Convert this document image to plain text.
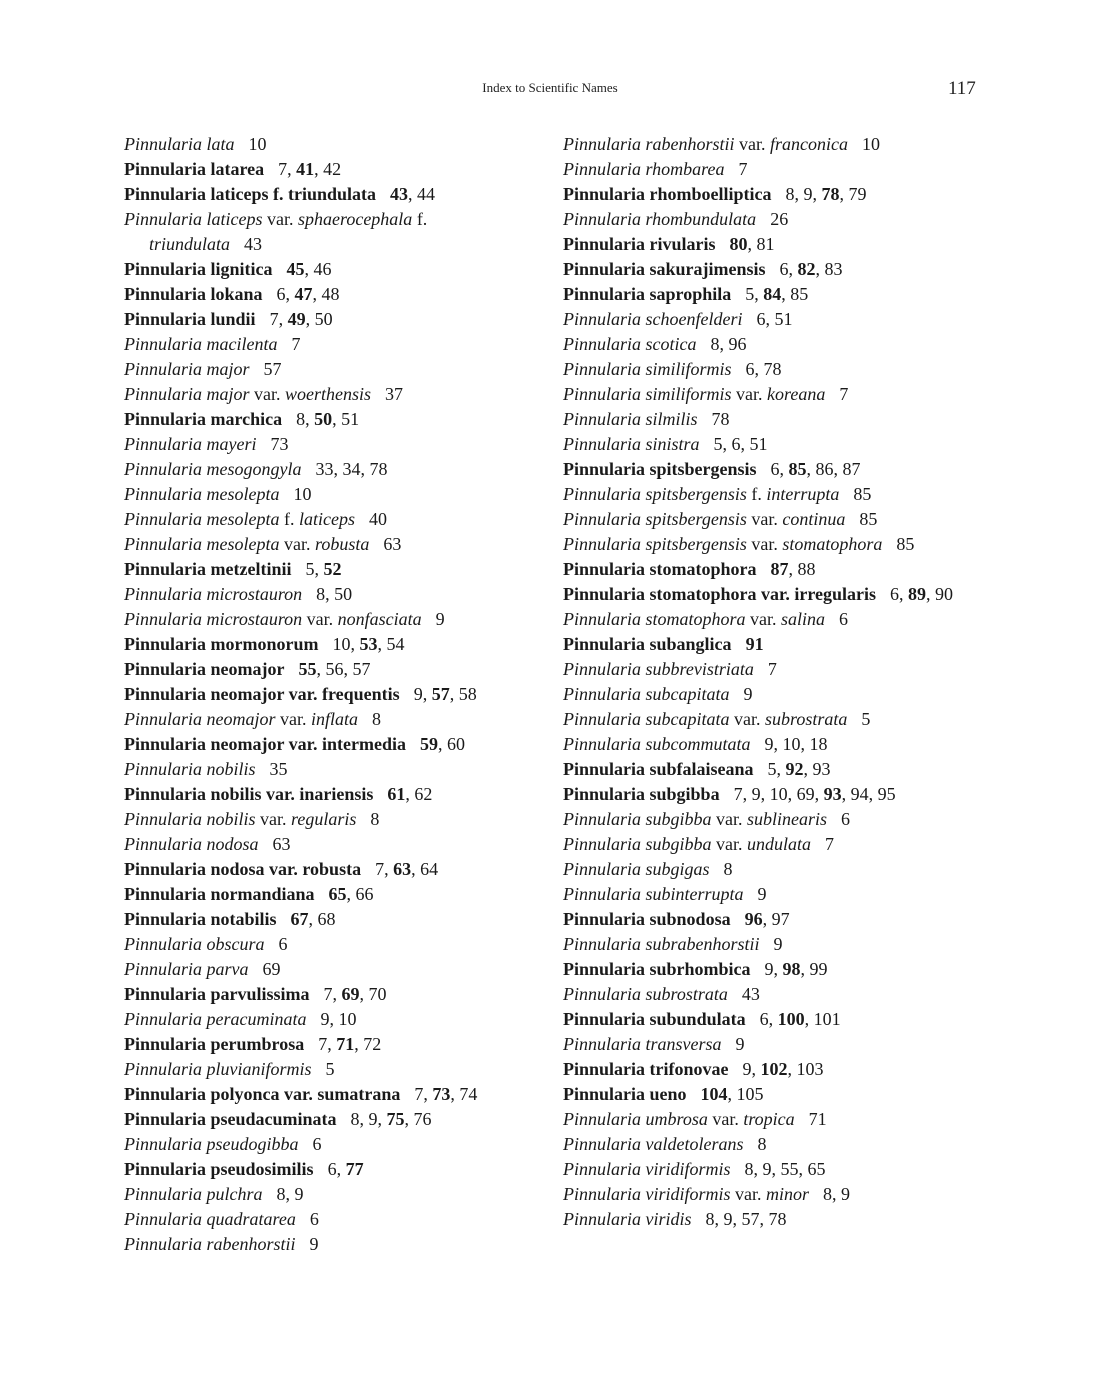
Index to Scientific Names	117
Pinnularia lata 10
Pinnularia latarea 7, 41, 42
Pinnularia laticeps f. triundulata 43, 44
Pinnularia laticeps var. sphaerocephala f. triundulata 43
Pinnularia lignitica 45, 46
Pinnularia lokana 6, 47, 48
Pinnularia lundii 7, 49, 50
Pinnularia macilenta 7
Pinnularia major 57
Pinnularia major var. woerthensis 37
Pinnularia marchica 8, 50, 51
Pinnularia mayeri 73
Pinnularia mesogongyla 33, 34, 78
Pinnularia mesolepta 10
Pinnularia mesolepta f. laticeps 40
Pinnularia mesolepta var. robusta 63
Pinnularia metzeltinii 5, 52
Pinnularia microstauron 8, 50
Pinnularia microstauron var. nonfasciata 9
Pinnularia mormonorum 10, 53, 54
Pinnularia neomajor 55, 56, 57
Pinnularia neomajor var. frequentis 9, 57, 58
Pinnularia neomajor var. inflata 8
Pinnularia neomajor var. intermedia 59, 60
Pinnularia nobilis 35
Pinnularia nobilis var. inariensis 61, 62
Pinnularia nobilis var. regularis 8
Pinnularia nodosa 63
Pinnularia nodosa var. robusta 7, 63, 64
Pinnularia normandiana 65, 66
Pinnularia notabilis 67, 68
Pinnularia obscura 6
Pinnularia parva 69
Pinnularia parvulissima 7, 69, 70
Pinnularia peracuminata 9, 10
Pinnularia perumbrosa 7, 71, 72
Pinnularia pluvianiformis 5
Pinnularia polyonca var. sumatrana 7, 73, 74
Pinnularia pseudacuminata 8, 9, 75, 76
Pinnularia pseudogibba 6
Pinnularia pseudosimilis 6, 77
Pinnularia pulchra 8, 9
Pinnularia quadratarea 6
Pinnularia rabenhorstii 9
Pinnularia rabenhorstii var. franconica 10
Pinnularia rhombarea 7
Pinnularia rhomboelliptica 8, 9, 78, 79
Pinnularia rhombundulata 26
Pinnularia rivularis 80, 81
Pinnularia sakurajimensis 6, 82, 83
Pinnularia saprophila 5, 84, 85
Pinnularia schoenfelderi 6, 51
Pinnularia scotica 8, 96
Pinnularia similiformis 6, 78
Pinnularia similiformis var. koreana 7
Pinnularia silmilis 78
Pinnularia sinistra 5, 6, 51
Pinnularia spitsbergensis 6, 85, 86, 87
Pinnularia spitsbergensis f. interrupta 85
Pinnularia spitsbergensis var. continua 85
Pinnularia spitsbergensis var. stomatophora 85
Pinnularia stomatophora 87, 88
Pinnularia stomatophora var. irregularis 6, 89, 90
Pinnularia stomatophora var. salina 6
Pinnularia subanglica 91
Pinnularia subbrevistriata 7
Pinnularia subcapitata 9
Pinnularia subcapitata var. subrostrata 5
Pinnularia subcommutata 9, 10, 18
Pinnularia subfalaiseana 5, 92, 93
Pinnularia subgibba 7, 9, 10, 69, 93, 94, 95
Pinnularia subgibba var. sublinearis 6
Pinnularia subgibba var. undulata 7
Pinnularia subgigas 8
Pinnularia subinterrupta 9
Pinnularia subnodosa 96, 97
Pinnularia subrabenhorstii 9
Pinnularia subrhombica 9, 98, 99
Pinnularia subrostrata 43
Pinnularia subundulata 6, 100, 101
Pinnularia transversa 9
Pinnularia trifonovae 9, 102, 103
Pinnularia ueno 104, 105
Pinnularia umbrosa var. tropica 71
Pinnularia valdetolerans 8
Pinnularia viridiformis 8, 9, 55, 65
Pinnularia viridiformis var. minor 8, 9
Pinnularia viridis 8, 9, 57, 78
